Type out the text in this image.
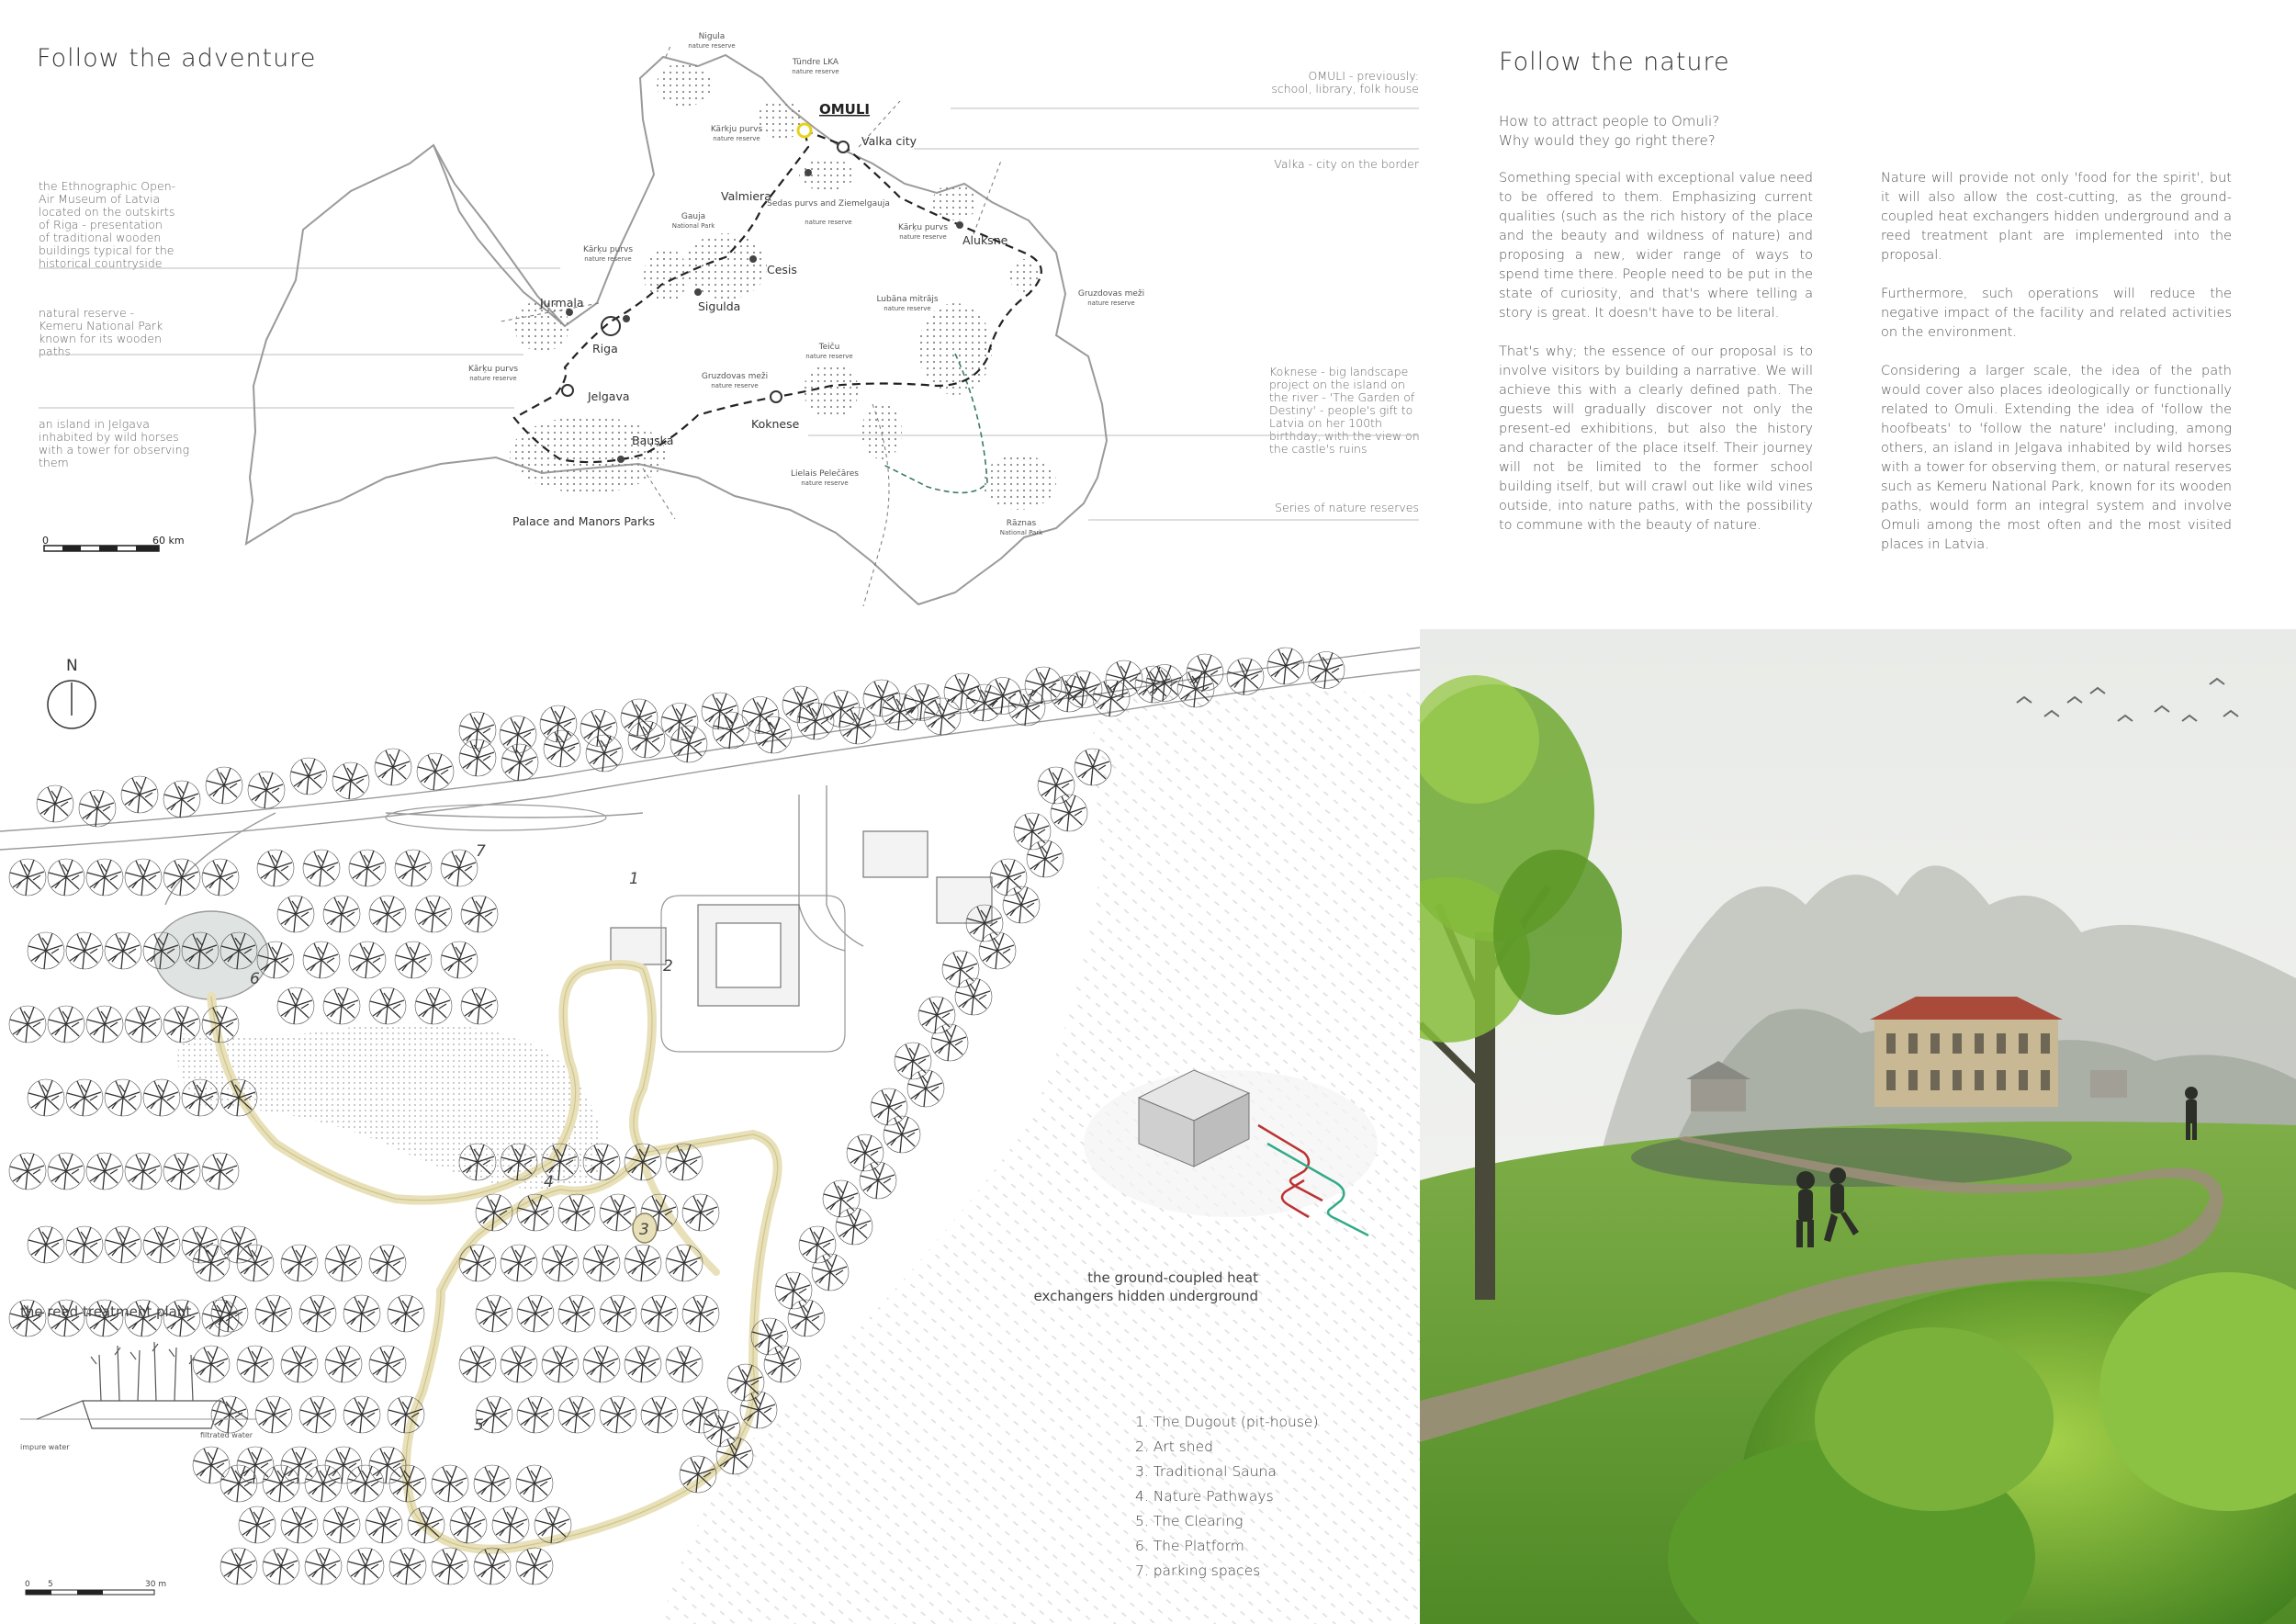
Follow the adventure
the Ethnographic Open-Air Museum of Latvia located on the outskirts of Riga - presentation of traditional wooden buildings typical for the historical countryside
natural reserve - Kemeru National Park known for its wooden paths
an island in Jelgava inhabited by wild horses with a tower for observing them
OMULI - previously: school, library, folk house
Valka - city on the border
Koknese - big landscape project on the island on the river - 'The Garden of Destiny' - people's gift to Latvia on her 100th birthday, with the view on the castle's ruins
Series of nature reserves
Jurmala
Riga
Sigulda
Cesis
Valmiera
Valka city
Aluksne
Jelgava
Bauska
Koknese
Palace and Manors Parks
OMULI
Nigula
nature reserve
Tündre LKA
nature reserve
Kärkju purvs
nature reserve
Gauja
National Park
Sedas purvs and Ziemelgauja
nature reserve
Kārķu purvs
nature reserve
Kārķu purvs
nature reserve
Lubāna mitrājs
nature reserve
Gruzdovas meži
nature reserve
Teiču
nature reserve
Gruzdovas meži
nature reserve
Kārķu purvs
nature reserve
Lielais Pelečāres
nature reserve
Rāznas
National Park
0	60 km
Follow the nature
How to attract people to Omuli?
Why would they go right there?

Something special with exceptional value need to be offered to them. Emphasizing current qualities (such as the rich history of the place and the beauty and wildness of nature) and proposing a new, wider range of ways to spend time there. People need to be put in the state of curiosity, and that's where telling a story is great. It doesn't have to be literal.

That's why; the essence of our proposal is to involve visitors by building a narrative. We will achieve this with a clearly defined path. The guests will gradually discover not only the present-ed exhibitions, but also the history and character of the place itself. Their journey will not be limited to the former school building itself, but will crawl out like wild vines outside, into nature paths, with the possibility to commune with the beauty of nature.

Nature will provide not only 'food for the spirit', but it will also allow the cost-cutting, as the ground-coupled heat exchangers hidden underground and a reed treatment plant are implemented into the proposal.

Furthermore, such operations will reduce the negative impact of the facility and related activities on the environment.

Considering a larger scale, the idea of the path would cover also places ideologically or functionally related to Omuli. Extending the idea of 'follow the hoofbeats' to 'follow the nature' including, among others, an island in Jelgava inhabited by wild horses with a tower for observing them, or natural reserves such as Kemeru National Park, known for its wooden paths, would form an integral system and involve Omuli among the most often and the most visited places in Latvia.

1
2
3
4
5
6
7
N
the ground-coupled heat
exchangers hidden underground
the reed treatment plant
impure water
filtrated water
0 5	30 m
1. The Dugout (pit-house)
2. Art shed
3. Traditional Sauna
4. Nature Pathways
5. The Clearing
6. The Platform
7. parking spaces
